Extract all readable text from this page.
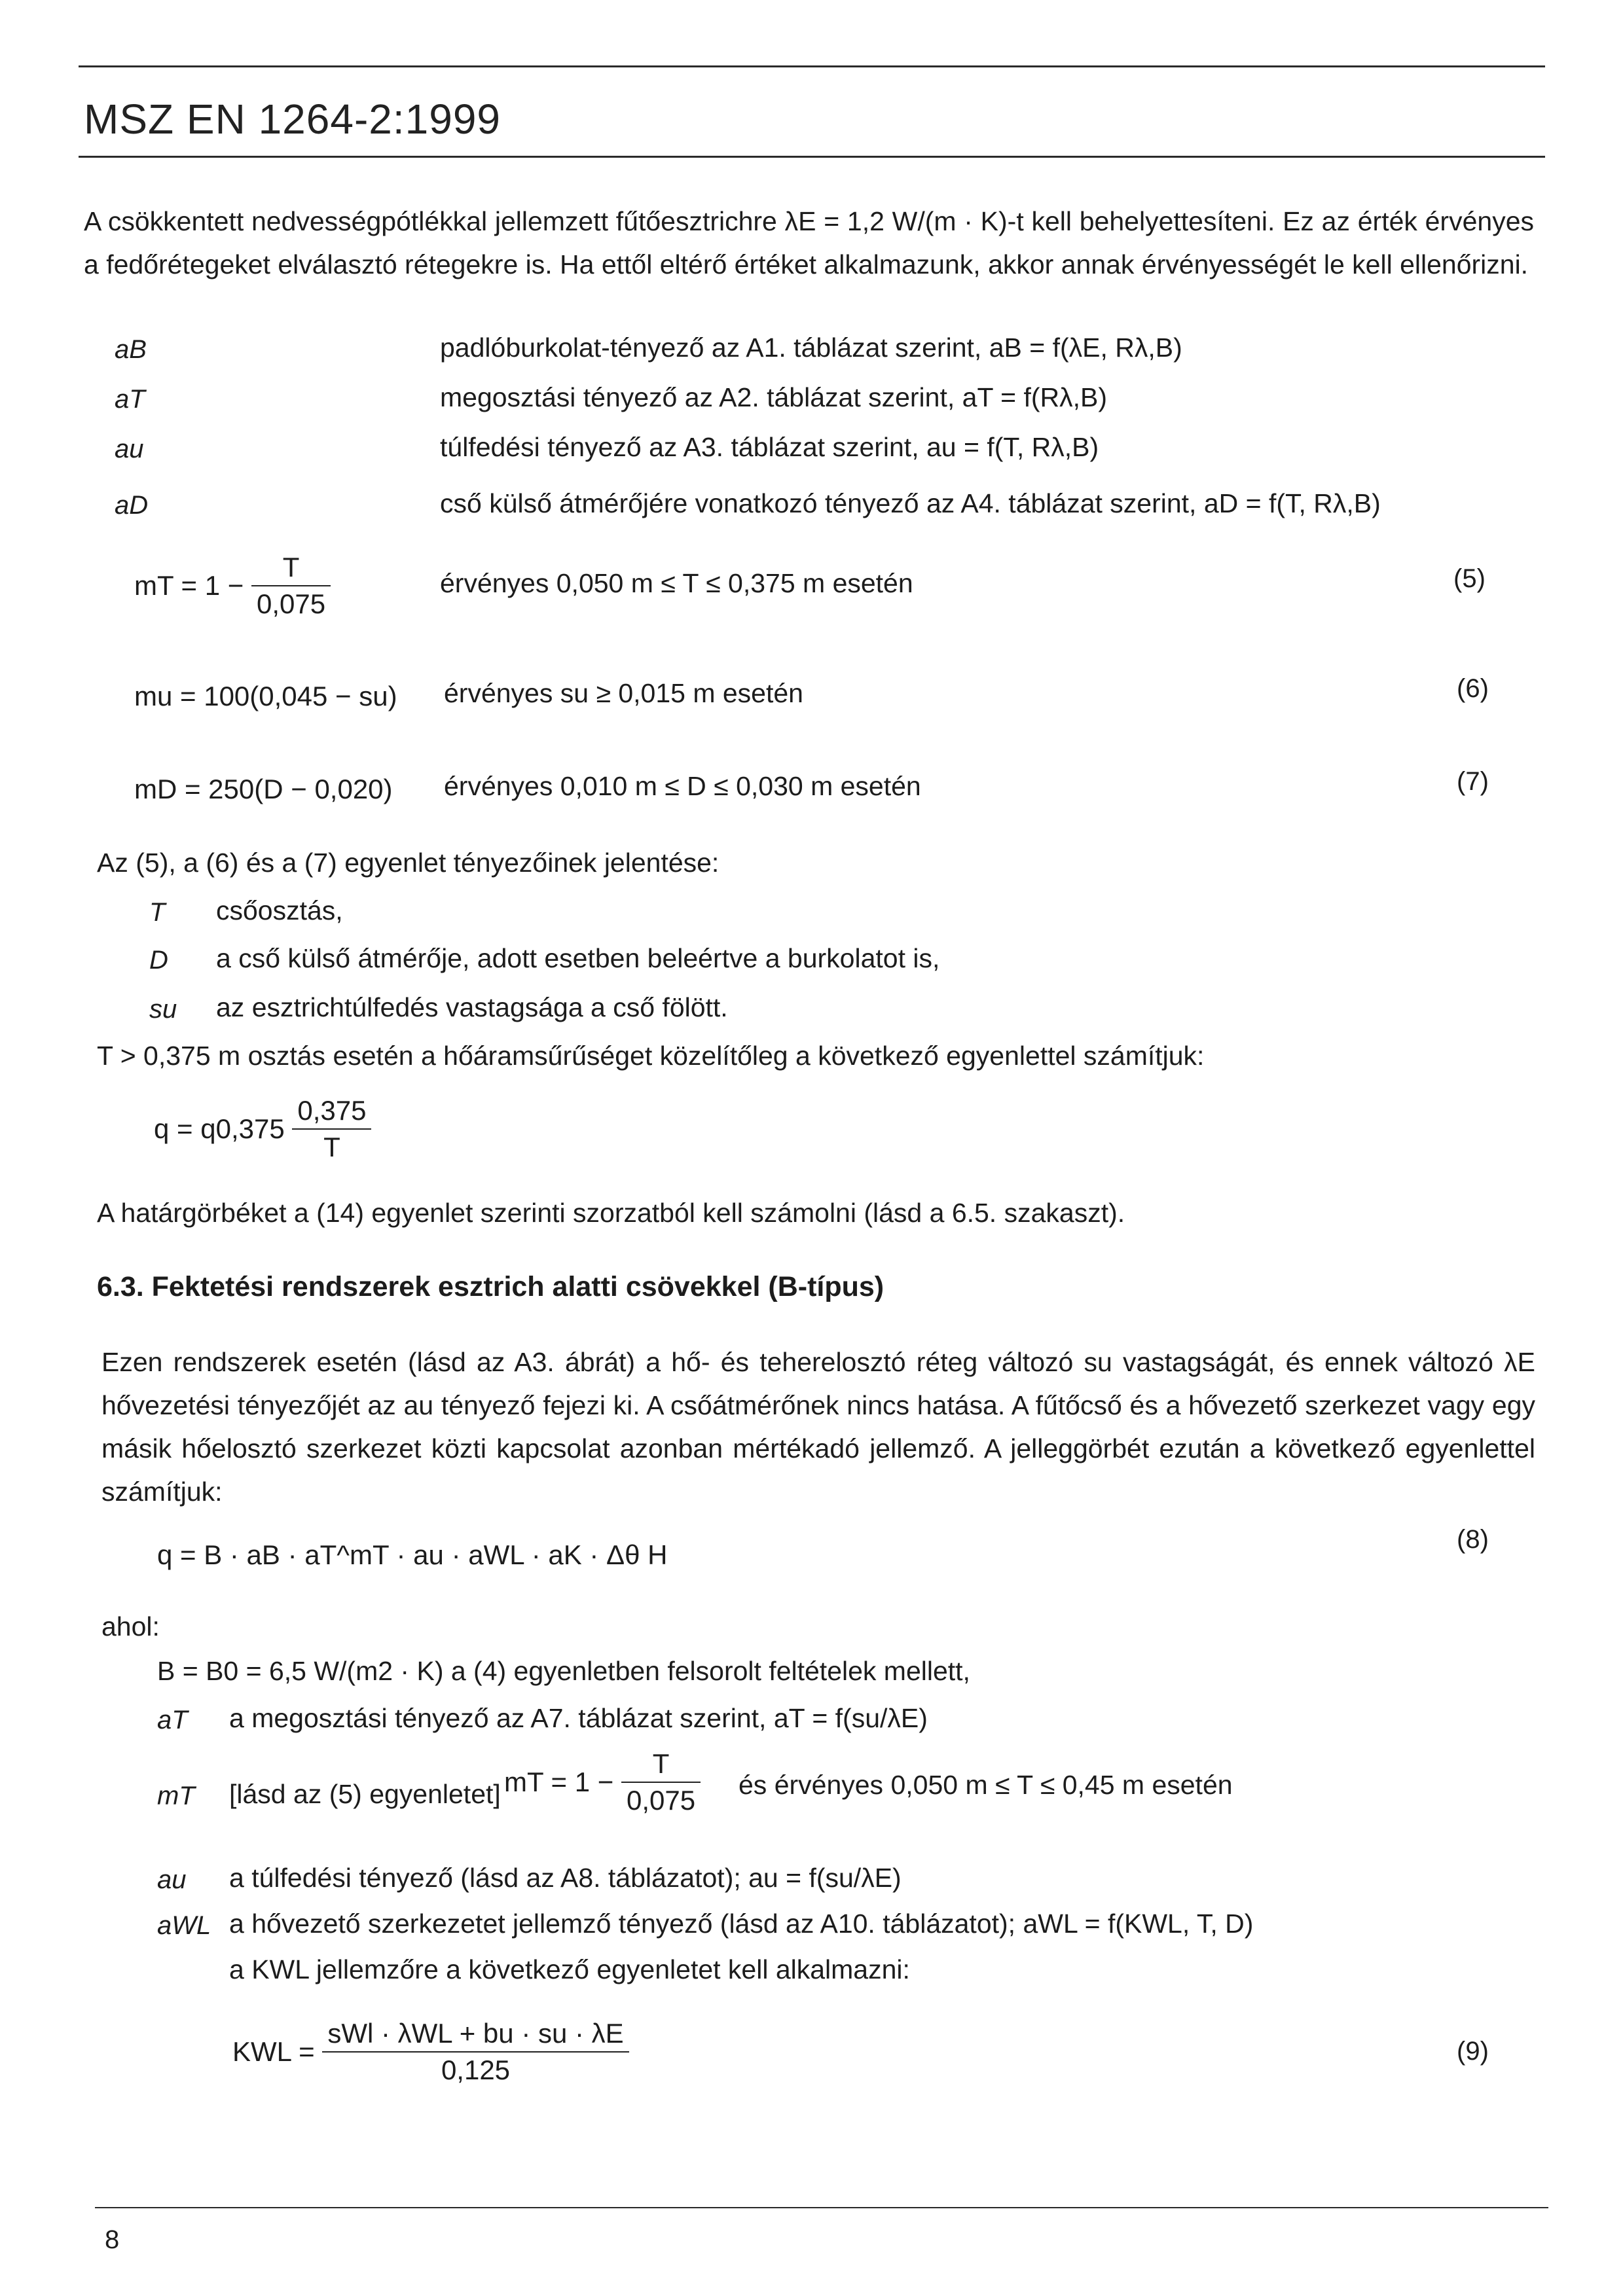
MSZ EN 1264-2:1999
A csökkentett nedvességpótlékkal jellemzett fűtőesztrichre λE = 1,2 W/(m · K)-t kell behelyettesíteni. Ez az érték érvényes a fedőrétegeket elválasztó rétegekre is. Ha ettől eltérő értéket alkalmazunk, akkor annak érvényességét le kell ellenőrizni.
aB	padlóburkolat-tényező az A1. táblázat szerint, aB = f(λE, Rλ,B)
aT	megosztási tényező az A2. táblázat szerint, aT = f(Rλ,B)
au	túlfedési tényező az A3. táblázat szerint, au = f(T, Rλ,B)
aD	cső külső átmérőjére vonatkozó tényező az A4. táblázat szerint, aD = f(T, Rλ,B)
mT = $1 - \frac{T}{0,075}$	érvényes 0,050 m ≤ T ≤ 0,375 m esetén	(5)
mu = 100(0,045 − su) érvényes su ≥ 0,015 m esetén	(6)
mD = 250(D − 0,020) érvényes 0,010 m ≤ D ≤ 0,030 m esetén	(7)
Az (5), a (6) és a (7) egyenlet tényezőinek jelentése:
T csőosztás,
D a cső külső átmérője, adott esetben beleértve a burkolatot is,
su az esztrichtúlfedés vastagsága a cső fölött.
T > 0,375 m osztás esetén a hőáramsűrűséget közelítőleg a következő egyenlettel számítjuk:
$q = q0,375 \frac{0,375}{T}$
A határgörbéket a (14) egyenlet szerinti szorzatból kell számolni (lásd a 6.5. szakaszt).
6.3. Fektetési rendszerek esztrich alatti csövekkel (B-típus)
Ezen rendszerek esetén (lásd az A3. ábrát) a hő- és teherelosztó réteg változó su vastagságát, és ennek változó λE hővezetési tényezőjét az au tényező fejezi ki. A csőátmérőnek nincs hatása. A fűtőcső és a hővezető szerkezet vagy egy másik hőelosztó szerkezet közti kapcsolat azonban mértékadó jellemző. A jelleggörbét ezután a következő egyenlettel számítjuk:
q = B · aB · aT^mT · au · aWL · aK · Δθ H	(8)
ahol:
B = B0 = 6,5 W/(m2 · K) a (4) egyenletben felsorolt feltételek mellett,
aT a megosztási tényező az A7. táblázat szerint, aT = f(su/λE)
mT [lásd az (5) egyenletet] mT = $1 - \frac{T}{0,075}$ és érvényes 0,050 m ≤ T ≤ 0,45 m esetén
au a túlfedési tényező (lásd az A8. táblázatot); au = f(su/λE)
aWL a hővezető szerkezetet jellemző tényező (lásd az A10. táblázatot); aWL = f(KWL, T, D)
a KWL jellemzőre a következő egyenletet kell alkalmazni:
KWL = $\frac{\text{sWl · λWL + bu · su · λE}}{0,125}$	(9)
8
